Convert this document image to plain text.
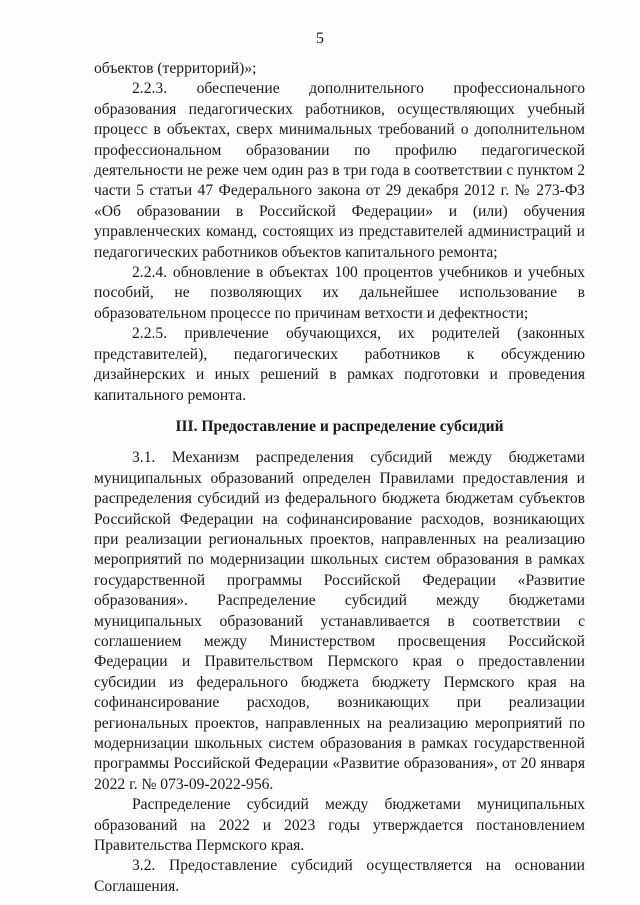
5

объектов (территорий)»;

2.2.3. обеспечение дополнительного профессионального образования педагогических работников, осуществляющих учебный процесс в объектах, сверх минимальных требований о дополнительном профессиональном образовании по профилю педагогической деятельности не реже чем один раз в три года в соответствии с пунктом 2 части 5 статьи 47 Федерального закона от 29 декабря 2012 г. № 273-ФЗ «Об образовании в Российской Федерации» и (или) обучения управленческих команд, состоящих из представителей администраций и педагогических работников объектов капитального ремонта;

2.2.4. обновление в объектах 100 процентов учебников и учебных пособий, не позволяющих их дальнейшее использование в образовательном процессе по причинам ветхости и дефектности;

2.2.5. привлечение обучающихся, их родителей (законных представителей), педагогических работников к обсуждению дизайнерских и иных решений в рамках подготовки и проведения капитального ремонта.

III. Предоставление и распределение субсидий

3.1. Механизм распределения субсидий между бюджетами муниципальных образований определен Правилами предоставления и распределения субсидий из федерального бюджета бюджетам субъектов Российской Федерации на софинансирование расходов, возникающих при реализации региональных проектов, направленных на реализацию мероприятий по модернизации школьных систем образования в рамках государственной программы Российской Федерации «Развитие образования». Распределение субсидий между бюджетами муниципальных образований устанавливается в соответствии с соглашением между Министерством просвещения Российской Федерации и Правительством Пермского края о предоставлении субсидии из федерального бюджета бюджету Пермского края на софинансирование расходов, возникающих при реализации региональных проектов, направленных на реализацию мероприятий по модернизации школьных систем образования в рамках государственной программы Российской Федерации «Развитие образования», от 20 января 2022 г. № 073-09-2022-956.

Распределение субсидий между бюджетами муниципальных образований на 2022 и 2023 годы утверждается постановлением Правительства Пермского края.

3.2. Предоставление субсидий осуществляется на основании Соглашения.
